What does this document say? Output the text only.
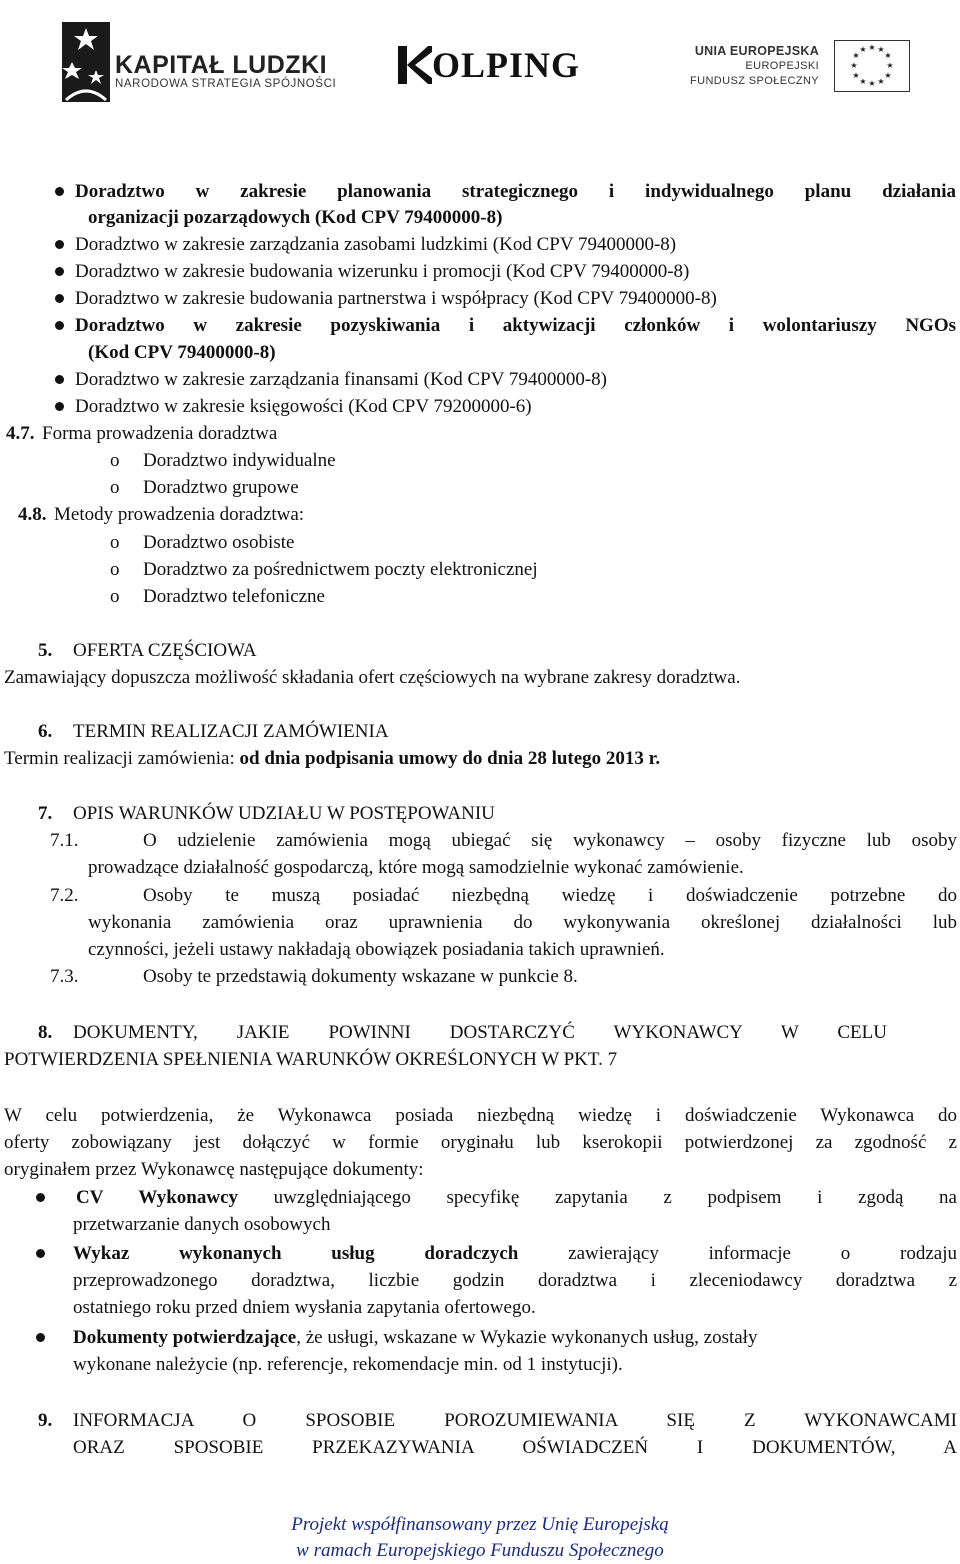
KAPITAŁ LUDZKI
NARODOWA STRATEGIA SPÓJNOŚCI	OLPING	UNIA EUROPEJSKA
EUROPEJSKI
FUNDUSZ SPOŁECZNY
★ ★
★
★
★
★
★
★
★
★
★
★
Doradztwo w zakresie planowania strategicznego i indywidualnego planu działania
organizacji pozarządowych (Kod CPV 79400000-8)
Doradztwo w zakresie zarządzania zasobami ludzkimi (Kod CPV 79400000-8)
Doradztwo w zakresie budowania wizerunku i promocji (Kod CPV 79400000-8)
Doradztwo w zakresie budowania partnerstwa i współpracy (Kod CPV 79400000-8)
Doradztwo w zakresie pozyskiwania i aktywizacji członków i wolontariuszy NGOs
(Kod CPV 79400000-8)
Doradztwo w zakresie zarządzania finansami (Kod CPV 79400000-8)
Doradztwo w zakresie księgowości (Kod CPV 79200000-6)
4.7. Forma prowadzenia doradztwa
o Doradztwo indywidualne
o Doradztwo grupowe
4.8. Metody prowadzenia doradztwa:
o Doradztwo osobiste
o Doradztwo za pośrednictwem poczty elektronicznej
o Doradztwo telefoniczne
5. OFERTA CZĘŚCIOWA
Zamawiający dopuszcza możliwość składania ofert częściowych na wybrane zakresy doradztwa.
6. TERMIN REALIZACJI ZAMÓWIENIA
Termin realizacji zamówienia: od dnia podpisania umowy do dnia 28 lutego 2013 r.
7. OPIS WARUNKÓW UDZIAŁU W POSTĘPOWANIU
7.1.	O udzielenie zamówienia mogą ubiegać się wykonawcy – osoby fizyczne lub osoby
prowadzące działalność gospodarczą, które mogą samodzielnie wykonać zamówienie.
7.2.	Osoby te muszą posiadać niezbędną wiedzę i doświadczenie potrzebne do
wykonania zamówienia oraz uprawnienia do wykonywania określonej działalności lub
czynności, jeżeli ustawy nakładają obowiązek posiadania takich uprawnień.
7.3.	Osoby te przedstawią dokumenty wskazane w punkcie 8.
8. DOKUMENTY, JAKIE POWINNI DOSTARCZYĆ WYKONAWCY W CELU
POTWIERDZENIA SPEŁNIENIA WARUNKÓW OKREŚLONYCH W PKT. 7
W celu potwierdzenia, że Wykonawca posiada niezbędną wiedzę i doświadczenie Wykonawca do
oferty zobowiązany jest dołączyć w formie oryginału lub kserokopii potwierdzonej za zgodność z
oryginałem przez Wykonawcę następujące dokumenty:
CV Wykonawcy uwzględniającego specyfikę zapytania z podpisem i zgodą na
przetwarzanie danych osobowych
Wykaz wykonanych usług doradczych zawierający informacje o rodzaju
przeprowadzonego doradztwa, liczbie godzin doradztwa i zleceniodawcy doradztwa z
ostatniego roku przed dniem wysłania zapytania ofertowego.
Dokumenty potwierdzające, że usługi, wskazane w Wykazie wykonanych usług, zostały
wykonane należycie (np. referencje, rekomendacje min. od 1 instytucji).
9. INFORMACJA O SPOSOBIE POROZUMIEWANIA SIĘ Z WYKONAWCAMI
ORAZ SPOSOBIE PRZEKAZYWANIA OŚWIADCZEŃ I DOKUMENTÓW, A
Projekt współfinansowany przez Unię Europejską
w ramach Europejskiego Funduszu Społecznego
